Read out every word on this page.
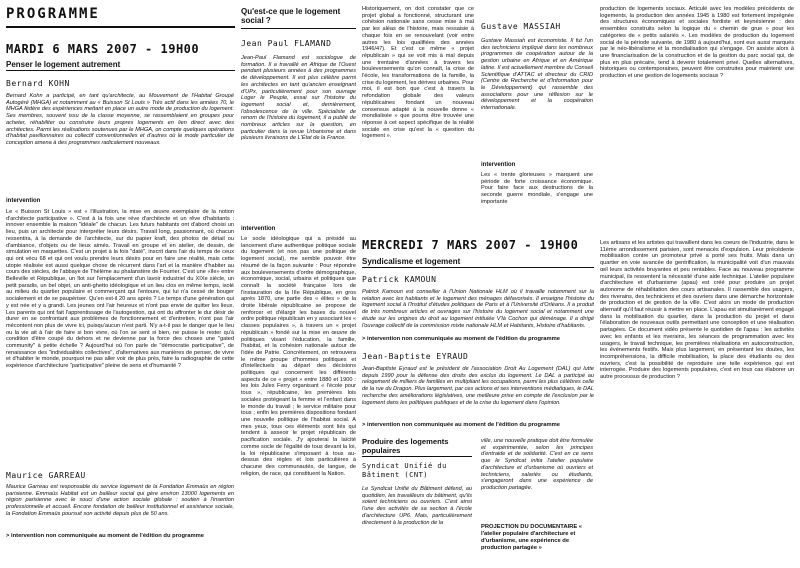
PROGRAMME
MARDI 6 MARS 2007 - 19H00
Penser le logement autrement
Bernard KOHN
Bernard Kohn a participé, en tant qu'architecte, au Mouvement de l'Habitat Groupé Autogéré (MHGA) et notamment au « Buisson St Louis » Très actif dans les années 70, le MHGA fédère des expériences mettant en place un autre mode de production du logement. Ses membres, souvent issu de la classe moyenne, se rassemblaient en groupes pour acheter, réhabiliter ou construire leurs propres logements en lien direct avec des architectes. Parmi les réalisations soutenues par le MHGA, on compte quelques opérations d'habitat pavillonnaires ou collectif conventionnelles et d'autres où le mode particulier de conception amena à des programmes radicalement nouveaux.
intervention
Le « Buisson St Louis » est « l'illustration, la mise en œuvre exemplaire de la notion d'architecte participative ». C'est à la fois une réve d'architecte et un rêve d'habitants : innover ensemble la maison "idéale" de chacun. Les futurs habitants ont d'abord choisi un lieu, puis un architecte pour interpréter leurs désirs. Travail long, passionnant, où chacun ressentira, à la demande de l'architecte, sur du papier kraft, des photos de détail ou d'ambiance, d'objets ou de lieux aimés. Travail en groupe et en atelier, de dessin, de simulation en maquettes. C'est un projet à la fois "daté", inscrit dans l'air du temps de ceux qui ont vécu 68 et qui ont voulu prendre leurs désirs pour en faire une réalité, mais cette utopie réalisée est aussi quelque chose de récurrent dans l'art et la manière d'habiter au cours des siècles, de l'abbaye de Thélème au phalanstère de Fourrier. C'est une «île» entre Belleville et République, un îlot sur l'emplacement d'un lavoir industriel du XIXe siècle, un petit paradis, un bel objet, un anti-ghetto idéologique et un lieu clos en même temps, isolé au milieu du quartier populaire et commerçant qui l'entoure, qui lui n'a cessé de bouger socialement et de se paupériser. Qu'en est-il 20 ans après ? Le temps d'une génération qui y est née et y a grandi. Les jeunes ont l'air heureux et n'ont pas envie de quitter les lieux. Les parents qui ont fait l'apprentissage de l'autogestion, qui ont du affronter le dur désir de durer en se confrontant aux problèmes de fonctionnement et d'entretien, n'ont pas l'air mécontent non plus de vivre ici, puisqu'aucun n'est parti. N'y a-t-il pas le danger que le lieu ou la vie ait à l'air de faire si bon vivre, où l'on se sent si bien, ne puisse le rester qu'à condition d'être coupé du dehors et ne devienne par la force des choses une "gated community" à petite échelle ? Aujourd'hui où l'on parle de "démocratie participative", de renaissance des "individualités collectives", d'alternatives aux manières de penser, de vivre et d'habiter le monde, pourquoi ne pas aller voir de plus près, faire la radiographie de cette expérience d'architecture "participative" pleine de sens et d'humanité ?
Maurice GARREAU
Maurice Garreau est responsable du service logement de la Fondation Emmaüs en région parisienne. Emmaüs Habitat est un bailleur social qui gère environ 13000 logements en région parisienne avec le souci d'une action sociale globale : soutien à l'insertion professionnelle et accueil. Encore fondation de bailleur institutionnel et assistance sociale, la Fondation Emmaüs poursuit son activité depuis plus de 50 ans.
> intervention non communiquée au moment de l'édition du programme
Qu'est-ce que le logement social ?
Jean Paul FLAMAND
Jean-Paul Flamand est sociologue de formation. Il a travaillé en Afrique de l'Ouest pendant plusieurs années à des programmes de développement. Il est plus célèbre parmi les architectes en tant qu'ancien enseignant d'UPx, particulièrement pour son ouvrage Loger le Peuple, essai sur l'histoire du logement social et, dernièrement, l'obsolescence de la ville. Spécialiste de renom de l'histoire du logement, il a publié de nombreux articles sur la question, en particulier dans la revue Urbanisme et dans plusieurs livraisons de L'État de la France.
intervention
Le socle idéologique qui a présidé au lancement d'une authentique politique sociale du logement (et non pas une politique de logement social), me semble pouvoir être résumé de la façon suivante : Pour répondre aux bouleversements d'ordre démographique, économique, social, urbains et politiques que connaît la société française lors de l'instauration de la IIIe République, en gros après 1870, une partie des « élites » de la droite libérale républicaine se propose de renforcer et d'élargir les bases du nouvel ordre politique républicain en y associant les « classes populaires », à travers un « projet républicain » fondé sur la mise en œuvre de politiques visant l'éducation, la famille, l'habitat, et la cohésion nationale autour de l'idée de Patrie. Concrètement, on retrouvera le même groupe d'hommes politiques et d'intellectuels au départ des décisions politiques qui concernent les différents aspects de ce « projet » entre 1880 et 1900 : les lois Jules Ferry organisant « l'école pour tous », républicaine, les premières lois sociales protégeant la femme et l'enfant dans le monde du travail ; le service militaire pour tous ; enfin les premières dispositions fondant une nouvelle politique de l'habitat social. A mes yeux, tous ces éléments sont liés qui tendent à asseoir le projet républicain de pacification sociale. J'y ajouterai la laïcité comme socle de l'égalité de tous devant la loi, la loi républicaine s'imposant à tous au-dessus des règles et lois particulières à chacune des communautés, de langue, de religion, de race, qui constituent la Nation.
Historiquement, on doit constater que ce projet global a fonctionné, structurant une cohésion nationale sans cesse mise à mal par les aléas de l'histoire, mais ressaisie à chaque fois en se renouvelant (voir entre autres les lois qualifiées des années 1946/47). Et c'est ce même « projet républicain » qui se voit mis à mal depuis une trentaine d'années à travers les bouleversements qu'on connaît, la crise de l'école, les transformations de la famille, la crise du logement, les dérives urbaines. Pour moi, il est bon que c'est à travers la refondation globale des valeurs républicaines fondant un nouveau consensus adapté à la nouvelle donne « mondialisée » que pourra être trouvée une réponse à cet aspect spécifique de la réalité sociale en crise qu'est la « question du logement ».
Gustave MASSIAH
Gustave Massiah est économiste. Il fut l'un des techniciens impliqué dans les nombreux programmes de coopération autour de la gestion urbaine en Afrique et en Amérique latine. Il est actuellement membre du Conseil Scientifique d'ATTAC et directeur du CRID (Centre de Recherche et d'Information pour le Développement) qui rassemble des associations pour une réflexion sur le développement et la coopération internationale.
intervention
Les « trente glorieuses » marquent une période de forte croissance économique. Pour faire face aux destructions de la seconde guerre mondiale, s'engage une importante
production de logements sociaux. Articulé avec les modèles précédents de logements, la production des années 1945 à 1980 est fortement imprégnée des structures économiques et sociales fordiste et keynésienne : des ensembles construits selon la logique du « chemin de grue » pour les catégories de « petits salariés ». Les modèles de production du logement social de la période suivante, de 1980 à aujourd'hui, sont eux aussi marqués par le néo-libéralisme et la mondialisation qui s'engage. On assiste alors à une financiarisation de la construction et de la gestion du parc social qui, de plus en plus précaire, tend à devenir totalement privé. Quelles alternatives, historiques ou contemporaines, peuvent être construites pour maintenir une production et une gestion de logements sociaux ?
MERCREDI 7 MARS 2007 - 19H00
Syndicalisme et logement
Patrick KAMOUN
Patrick Kamoun est conseiller à l'Union Nationale HLM où il travaille notamment sur la relation avec les habitants et le logement des ménages défavorisés. Il enseigne l'histoire du logement social à l'Institut d'études politiques de Paris et à l'Université d'Orléans. Il a produit de très nombreux articles et ouvrages sur l'histoire du logement social et notamment une étude sur les origines du droit au logement intitulée V'là Cochon qui déménage. Il a dirigé l'ouvrage collectif de la commission mixte nationale HLM et Habitants, Histoire d'habitants.
> intervention non communiquée au moment de l'édition du programme
Jean-Baptiste EYRAUD
Jean-Baptiste Eyraud est le président de l'association Droit Au Logement (DAL) qui lutte depuis 1990 pour la défense des droits des exclus du logement. Le DAL a participé au relogement de milliers de familles en multipliant les occupations, parmi les plus célèbres celle de la rue du Dragon. Plus largement, par ces actions et ses interventions médiatiques, le DAL recherche des améliorations législatives, une meilleure prise en compte de l'exclusion par le logement dans les politiques publiques et de la crise du logement dans l'opinion.
> intervention non communiquée au moment de l'édition du programme
Produire des logements populaires
Syndicat Unifié du Bâtiment (CNT)
Le Syndicat Unifié du Bâtiment défend, au quotidien, les travailleurs du bâtiment, qu'ils soient techniciens ou ouvriers. C'est ainsi l'une des activités de sa section à l'école d'architecture UP6. Mais, particulièrement directement à la production de la
ville, une nouvelle pratique doit être formulée et expérimentée, selon les principes d'entraide et de solidarité. C'est en ce sens que le Syndicat initia l'atelier populaire d'architecture et d'urbanisme où ouvriers et techniciens, salariés ou étudiants, s'engageront dans une expérience de production partagée.
PROJECTION DU DOCUMENTAIRE « l'atelier populaire d'architecture et d'urbanisme, une expérience de production partagée »
Les artisans et les artistes qui travaillent dans les coeurs de l'industrie, dans le 11ème arrondissement parisien, sont menacés d'expulsion. Leur précédente mobilisation contre un promoteur privé a porté ses fruits. Mais dans un quartier en voie avancée de gentrification, la municipalité voit d'un mauvais œil leurs activités bruyantes et peu rentables. Face au nouveau programme municipal, ils ressentent la nécessité d'une aide technique. L'atelier populaire d'architecture et d'urbanisme (apau) est créé pour produire un projet autonome de réhabilitation des cours artisanales. Il rassemble des usagers, des riverains, des techniciens et des ouvriers dans une démarche horizontale de production et de gestion de la ville. C'est alors un mode de production alternatif qu'il faut réussir à mettre en place. L'apau est simultanément engagé dans la mobilisation du quartier, dans la production du projet et dans l'élaboration de nouveaux outils permettant une conception et une réalisation partagées. Ce document vidéo présente le quotidien de l'apau : les activités avec les enfants et les riverains, les séances de programmation avec les usagers, le travail technique, les premières réalisations en autoconstruction, les événements festifs. Mais plus largement, en présentant les doutes, les incompréhensions, la difficile mobilisation, la place des étudiants ou des ouvriers, c'est la possibilité de reproduire une telle expérience qui est interrogée. Produire des logements populaires, c'est en tous cas élaborer un autre processus de production ?
